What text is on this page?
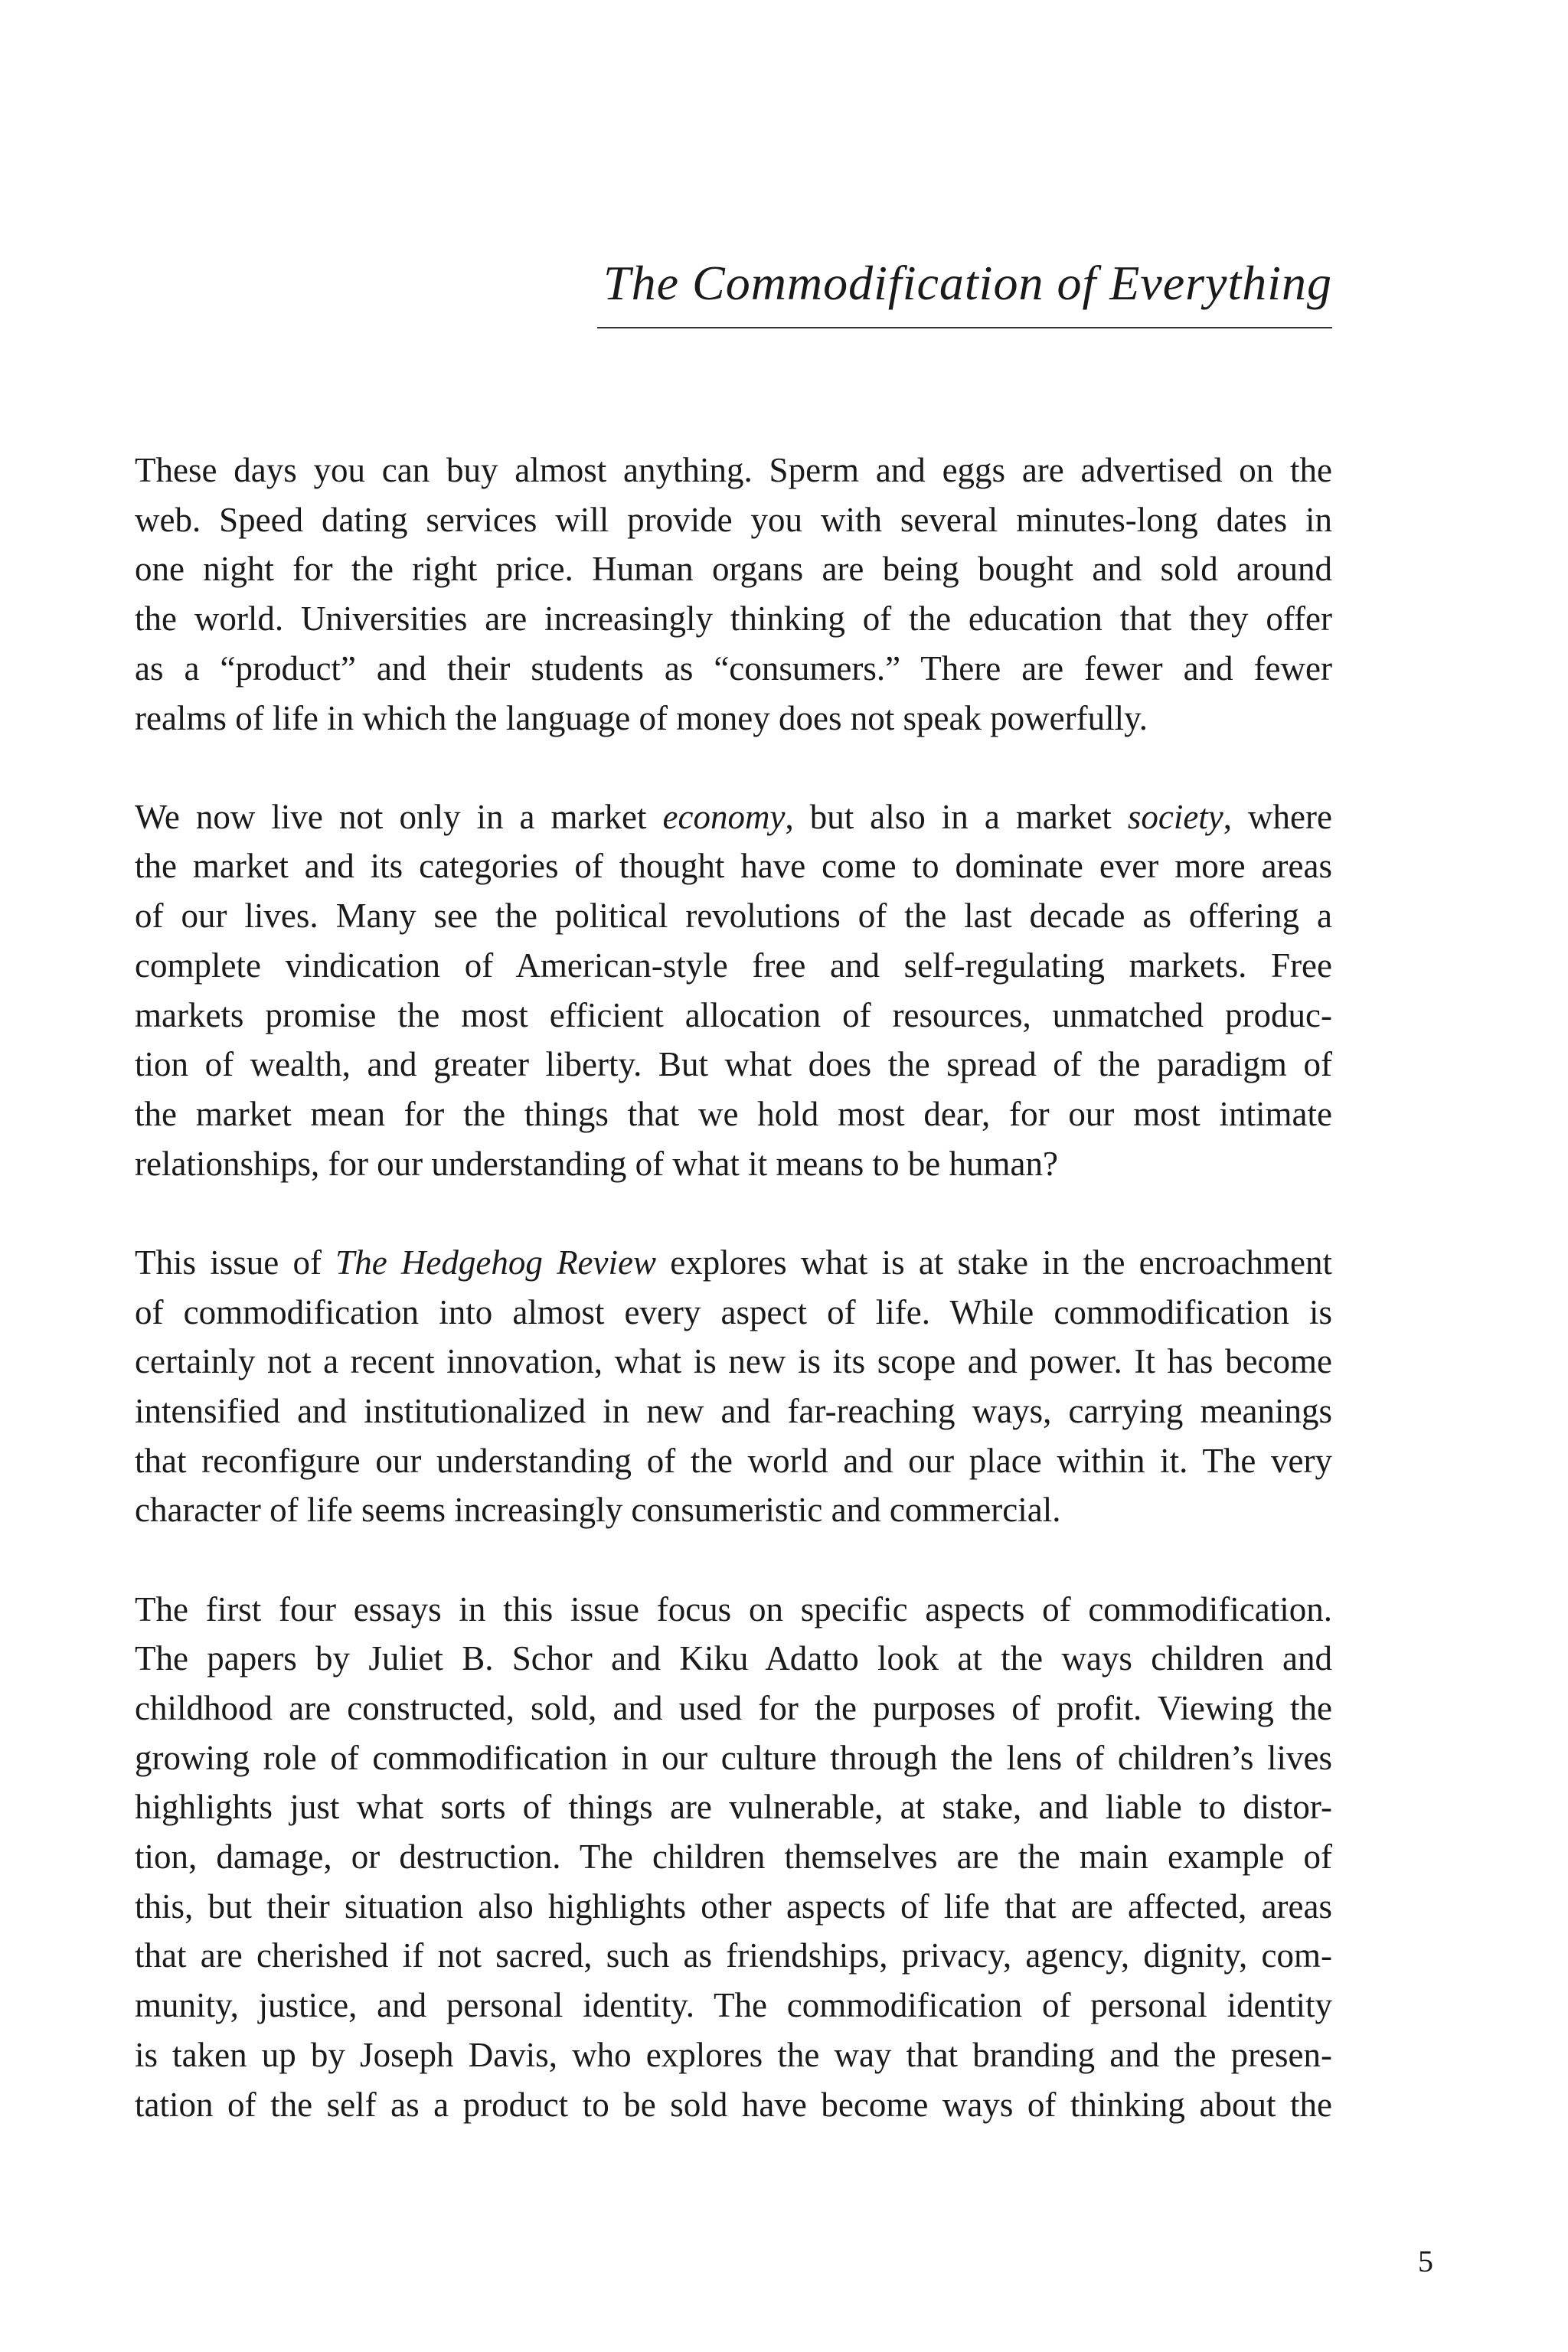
The Commodification of Everything

These days you can buy almost anything. Sperm and eggs are advertised on the
web. Speed dating services will provide you with several minutes-long dates in
one night for the right price. Human organs are being bought and sold around
the world. Universities are increasingly thinking of the education that they offer
as a “product” and their students as “consumers.” There are fewer and fewer
realms of life in which the language of money does not speak powerfully.

We now live not only in a market economy, but also in a market society, where
the market and its categories of thought have come to dominate ever more areas
of our lives. Many see the political revolutions of the last decade as offering a
complete vindication of American-style free and self-regulating markets. Free
markets promise the most efficient allocation of resources, unmatched produc-
tion of wealth, and greater liberty. But what does the spread of the paradigm of
the market mean for the things that we hold most dear, for our most intimate
relationships, for our understanding of what it means to be human?

This issue of The Hedgehog Review explores what is at stake in the encroachment
of commodification into almost every aspect of life. While commodification is
certainly not a recent innovation, what is new is its scope and power. It has become
intensified and institutionalized in new and far-reaching ways, carrying meanings
that reconfigure our understanding of the world and our place within it. The very
character of life seems increasingly consumeristic and commercial.

The first four essays in this issue focus on specific aspects of commodification.
The papers by Juliet B. Schor and Kiku Adatto look at the ways children and
childhood are constructed, sold, and used for the purposes of profit. Viewing the
growing role of commodification in our culture through the lens of children’s lives
highlights just what sorts of things are vulnerable, at stake, and liable to distor-
tion, damage, or destruction. The children themselves are the main example of
this, but their situation also highlights other aspects of life that are affected, areas
that are cherished if not sacred, such as friendships, privacy, agency, dignity, com-
munity, justice, and personal identity. The commodification of personal identity
is taken up by Joseph Davis, who explores the way that branding and the presen-
tation of the self as a product to be sold have become ways of thinking about the

5
